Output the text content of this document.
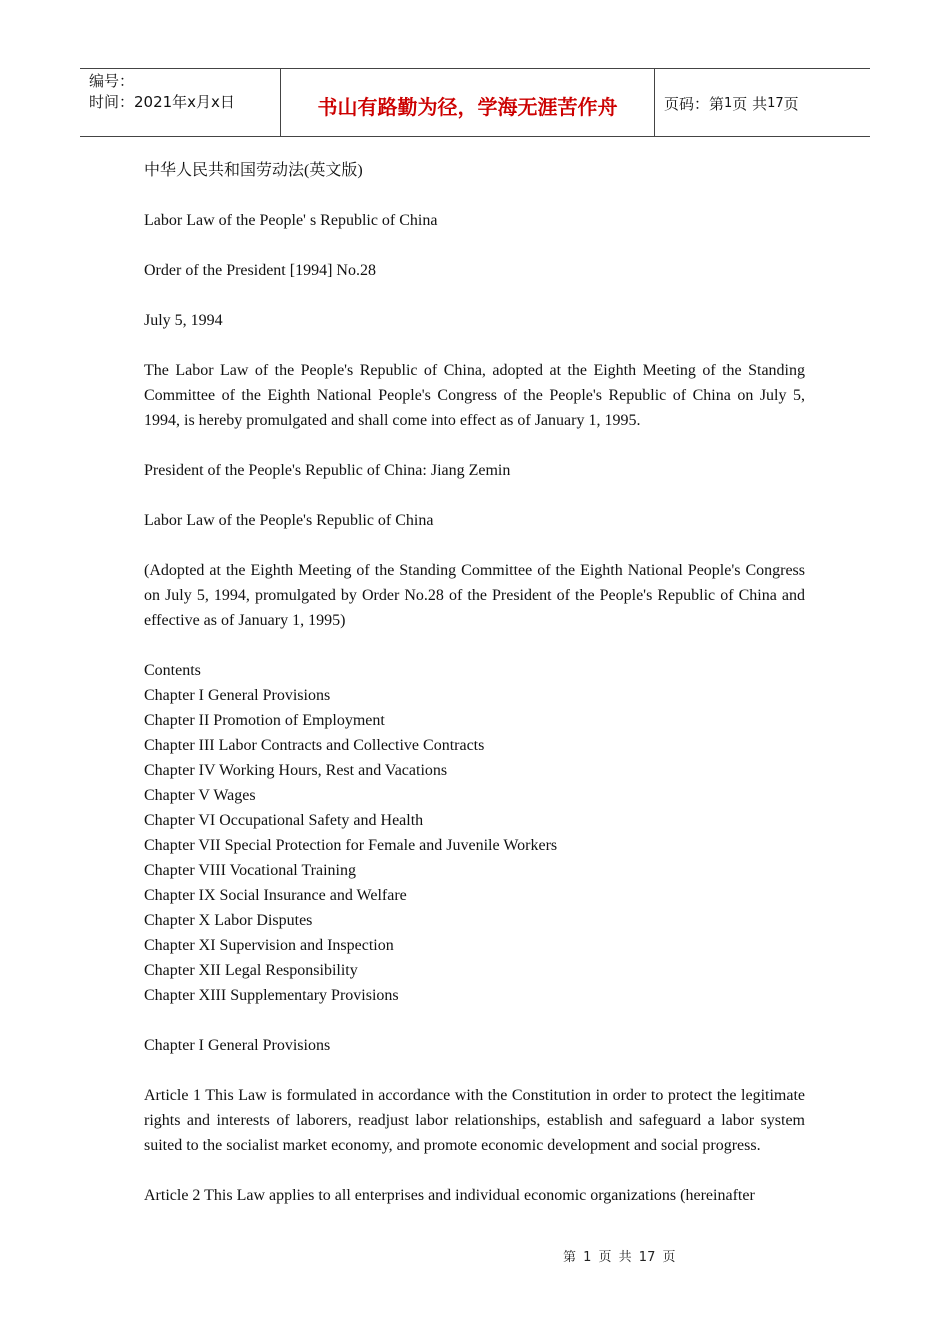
编号：
时间：2021年x月x日	书山有路勤为径，学海无涯苦作舟	页码：第 1 页 共 17 页

中华人民共和国劳动法(英文版)

Labor Law of the People' s Republic of China

Order of the President [1994] No.28

July 5, 1994

The Labor Law of the People's Republic of China, adopted at the Eighth Meeting of the Standing Committee of the Eighth National People's Congress of the People's Republic of China on July 5, 1994, is hereby promulgated and shall come into effect as of January 1, 1995.

President of the People's Republic of China: Jiang Zemin

Labor Law of the People's Republic of China

(Adopted at the Eighth Meeting of the Standing Committee of the Eighth National People's Congress on July 5, 1994, promulgated by Order No.28 of the President of the People's Republic of China and effective as of January 1, 1995)

Contents
Chapter I General Provisions
Chapter II Promotion of Employment
Chapter III Labor Contracts and Collective Contracts
Chapter IV Working Hours, Rest and Vacations
Chapter V Wages
Chapter VI Occupational Safety and Health
Chapter VII Special Protection for Female and Juvenile Workers
Chapter VIII Vocational Training
Chapter IX Social Insurance and Welfare
Chapter X Labor Disputes
Chapter XI Supervision and Inspection
Chapter XII Legal Responsibility
Chapter XIII Supplementary Provisions

Chapter I General Provisions

Article 1 This Law is formulated in accordance with the Constitution in order to protect the legitimate rights and interests of laborers, readjust labor relationships, establish and safeguard a labor system suited to the socialist market economy, and promote economic development and social progress.

Article 2 This Law applies to all enterprises and individual economic organizations (hereinafter

第 1 页 共 17 页
